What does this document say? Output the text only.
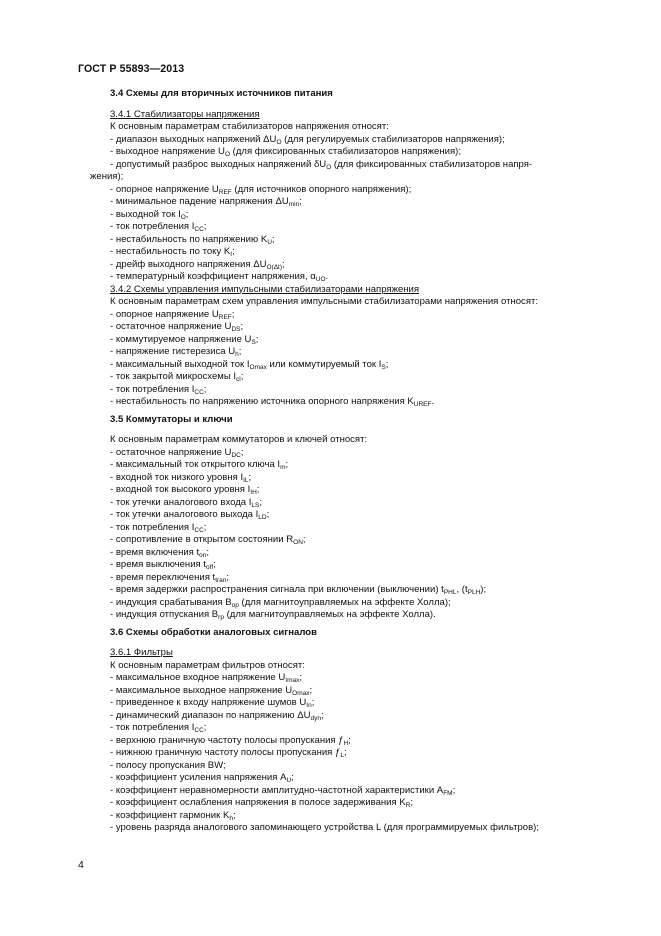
ГОСТ Р 55893—2013

3.4 Схемы для вторичных источников питания

3.4.1 Стабилизаторы напряжения

К основным параметрам стабилизаторов напряжения относят:

- диапазон выходных напряжений $\Delta U_O$ (для регулируемых стабилизаторов напряжения);

- выходное напряжение $U_O$ (для фиксированных стабилизаторов напряжения);

- допустимый разброс выходных напряжений $\delta U_O$ (для фиксированных стабилизаторов напря-

жения);

- опорное напряжение $U_{REF}$ (для источников опорного напряжения);

- минимальное падение напряжения $\Delta U_{min}$;

- выходной ток $I_O$;

- ток потребления $I_{CC}$;

- нестабильность по напряжению $K_U$;

- нестабильность по току $K_I$;

- дрейф выходного напряжения $\Delta U_{O(\Delta t)}$;

- температурный коэффициент напряжения, $\alpha_{UO}$.

3.4.2 Схемы управления импульсными стабилизаторами напряжения

К основным параметрам схем управления импульсными стабилизаторами напряжения относят:

- опорное напряжение $U_{REF}$;

- остаточное напряжение $U_{DS}$;

- коммутируемое напряжение $U_S$;

- напряжение гистерезиса $U_h$;

- максимальный выходной ток $I_{Omax}$ или коммутируемый ток $I_S$;

- ток закрытой микросхемы $I_{cl}$;

- ток потребления $I_{CC}$;

- нестабильность по напряжению источника опорного напряжения $K_{UREF}$.

3.5 Коммутаторы и ключи

К основным параметрам коммутаторов и ключей относят:

- остаточное напряжение $U_{DC}$;

- максимальный ток открытого ключа $I_m$;

- входной ток низкого уровня $I_{IL}$;

- входной ток высокого уровня $I_{IH}$;

- ток утечки аналогового входа $I_{LS}$;

- ток утечки аналогового выхода $I_{LD}$;

- ток потребления $I_{CC}$;

- сопротивление в открытом состоянии $R_{ON}$;

- время включения $t_{on}$;

- время выключения $t_{off}$;

- время переключения $t_{tran}$;

- время задержки распространения сигнала при включении (выключении) $t_{PHL}$, $(t_{PLH})$;

- индукция срабатывания $B_{op}$ (для магнитоуправляемых на эффекте Холла);

- индукция отпускания $B_{rp}$ (для магнитоуправляемых на эффекте Холла).

3.6 Схемы обработки аналоговых сигналов

3.6.1 Фильтры

К основным параметрам фильтров относят:

- максимальное входное напряжение $U_{Imax}$;

- максимальное выходное напряжение $U_{Omax}$;

- приведенное к входу напряжение шумов $U_{In}$;

- динамический диапазон по напряжению $\Delta U_{dyn}$;

- ток потребления $I_{CC}$;

- верхнюю граничную частоту полосы пропускания $ƒ_H$;

- нижнюю граничную частоту полосы пропускания $ƒ_L$;

- полосу пропускания BW;

- коэффициент усиления напряжения $A_U$;

- коэффициент неравномерности амплитудно-частотной характеристики $A_{FM}$;

- коэффициент ослабления напряжения в полосе задерживания $K_R$;

- коэффициент гармоник $K_h$;

- уровень разряда аналогового запоминающего устройства L (для программируемых фильтров);

4
